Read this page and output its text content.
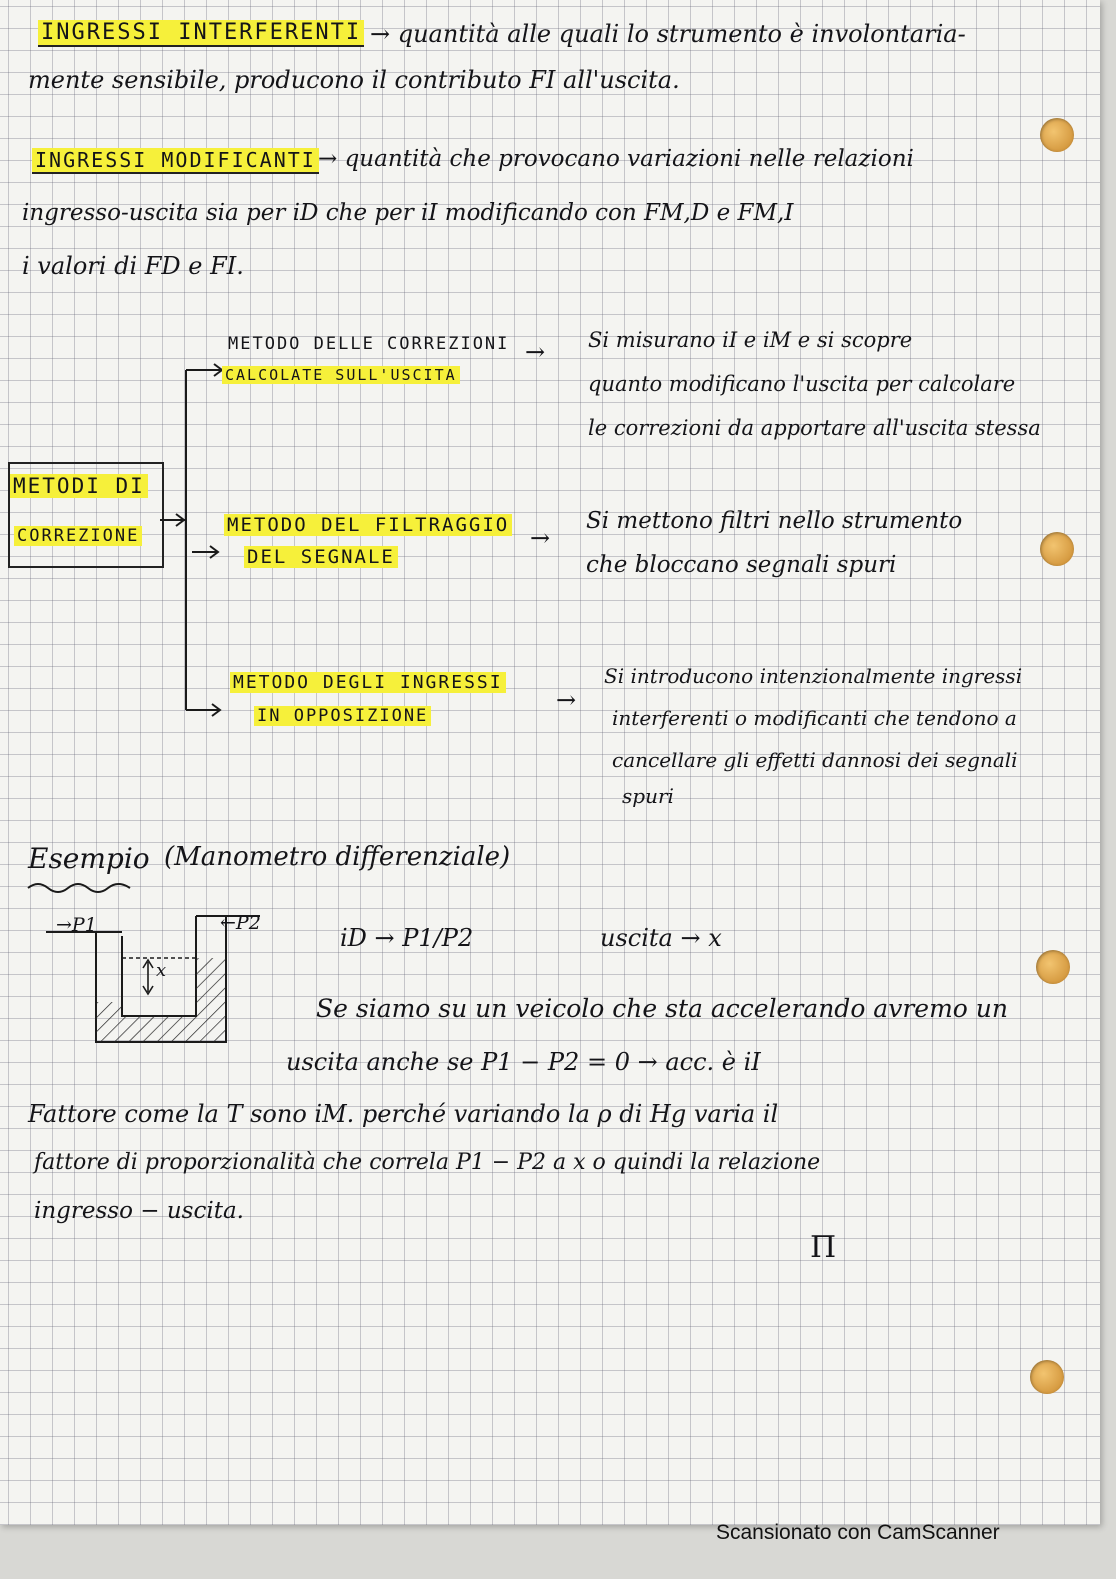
INGRESSI INTERFERENTI → quantità alle quali lo strumento è involontaria-
mente sensibile, producono il contributo FI all'uscita.
INGRESSI MODIFICANTI → quantità che provocano variazioni nelle relazioni
ingresso-uscita sia per iD che per iI modificando con FM,D e FM,I
i valori di FD e FI.
METODI DI
CORREZIONE
METODO DELLE CORREZIONI
CALCOLATE SULL'USCITA
→ Si misurano iI e iM e si scopre
quanto modificano l'uscita per calcolare
le correzioni da apportare all'uscita stessa
METODO DEL FILTRAGGIO
DEL SEGNALE
→
Si mettono filtri nello strumento
che bloccano segnali spuri
METODO DEGLI INGRESSI
IN OPPOSIZIONE
→
Si introducono intenzionalmente ingressi
interferenti o modificanti che tendono a
cancellare gli effetti dannosi dei segnali
spuri
Esempio (Manometro differenziale)
→P1	←P2
x
iD → P1/P2	uscita → x
Se siamo su un veicolo che sta accelerando avremo un
uscita anche se P1 − P2 = 0 → acc. è iI
Fattore come la T sono iM. perché variando la ρ di Hg varia il
fattore di proporzionalità che correla P1 − P2 a x o quindi la relazione
ingresso − uscita.
Π
Scansionato con CamScanner
